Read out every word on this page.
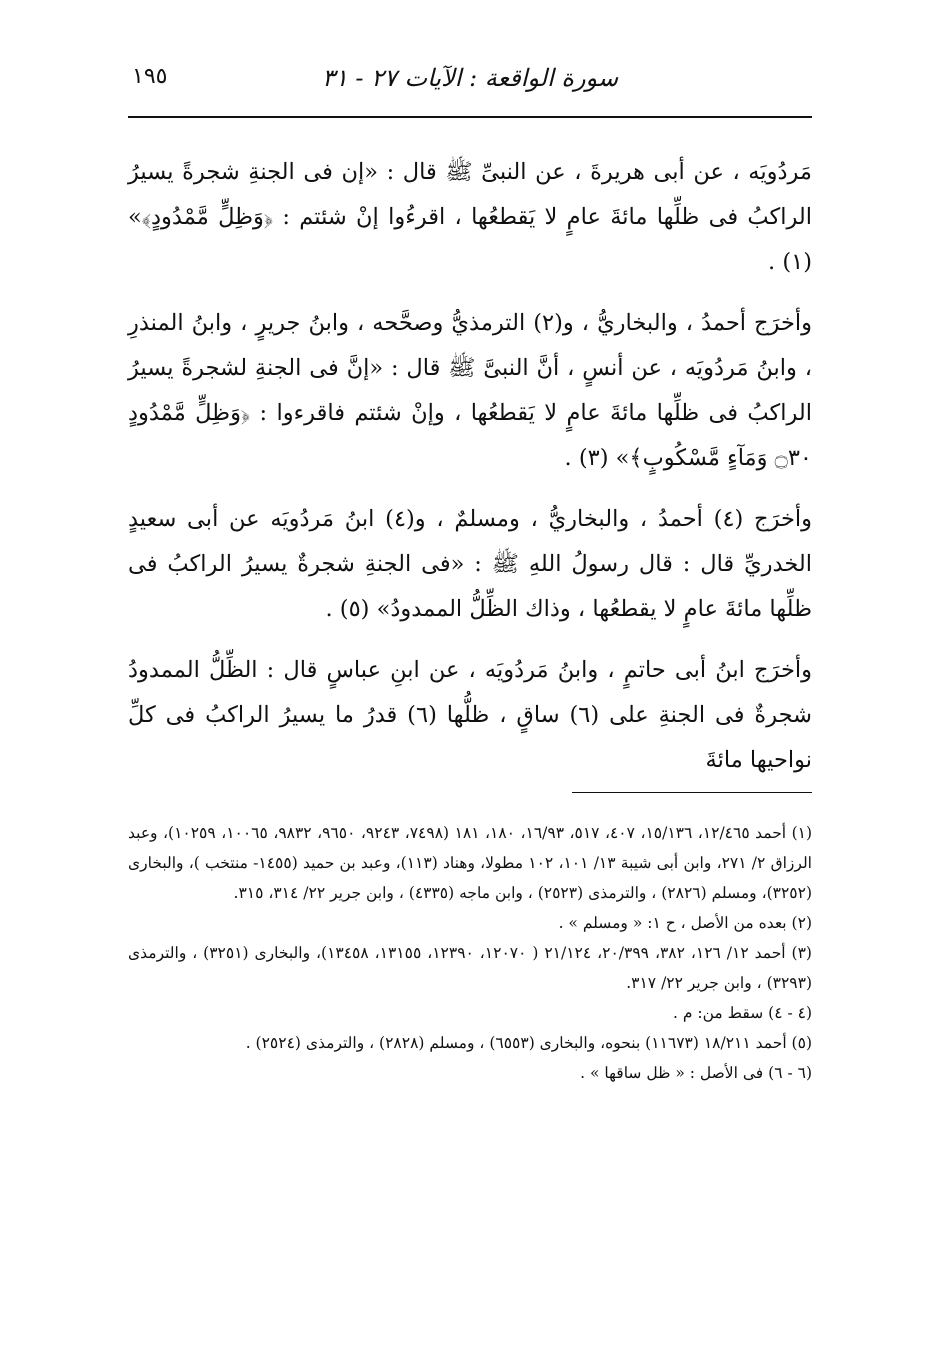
سورة الواقعة : الآيات ٢٧ - ٣١
١٩٥

مَردُويَه ، عن أبى هريرةَ ، عن النبىِّ ﷺ قال : «إن فى الجنةِ شجرةً يسيرُ الراكبُ فى ظلِّها مائةَ عامٍ لا يَقطعُها ، اقرءُوا إنْ شئتم : ﴿وَظِلٍّ مَّمْدُودٍ﴾» (١) .

وأخرَج أحمدُ ، والبخاريُّ ، و(٢) الترمذيُّ وصحَّحه ، وابنُ جريرٍ ، وابنُ المنذرِ ، وابنُ مَردُويَه ، عن أنسٍ ، أنَّ النبىَّ ﷺ قال : «إنَّ فى الجنةِ لشجرةً يسيرُ الراكبُ فى ظلِّها مائةَ عامٍ لا يَقطعُها ، وإنْ شئتم فاقرءوا : ﴿وَظِلٍّ مَّمْدُودٍ ۝٣٠ وَمَآءٍ مَّسْكُوبٍ﴾» (٣) .

وأخرَج (٤) أحمدُ ، والبخاريُّ ، ومسلمٌ ، و(٤) ابنُ مَردُويَه عن أبى سعيدٍ الخدريِّ قال : قال رسولُ اللهِ ﷺ : «فى الجنةِ شجرةٌ يسيرُ الراكبُ فى ظلِّها مائةَ عامٍ لا يقطعُها ، وذاك الظِّلُّ الممدودُ» (٥) .

وأخرَج ابنُ أبى حاتمٍ ، وابنُ مَردُويَه ، عن ابنِ عباسٍ قال : الظِّلُّ الممدودُ شجرةٌ فى الجنةِ على (٦) ساقٍ ، ظلُّها (٦) قدرُ ما يسيرُ الراكبُ فى كلِّ نواحيها مائةَ

(١) أحمد ١٢/٤٦٥، ١٥/١٣٦، ٤٠٧، ٥١٧، ١٦/٩٣، ١٨٠، ١٨١ (٧٤٩٨، ٩٢٤٣، ٩٦٥٠، ٩٨٣٢، ١٠٠٦٥، ١٠٢٥٩)، وعبد الرزاق ٢/ ٢٧١، وابن أبى شيبة ١٣/ ١٠١، ١٠٢ مطولا، وهناد (١١٣)، وعبد بن حميد (١٤٥٥- منتخب )، والبخارى (٣٢٥٢)، ومسلم (٢٨٢٦) ، والترمذى (٢٥٢٣) ، وابن ماجه (٤٣٣٥) ، وابن جرير ٢٢/ ٣١٤، ٣١٥.

(٢) بعده من الأصل ، ح ١: « ومسلم » .

(٣) أحمد ١٢/ ١٢٦، ٣٨٢، ٢٠/٣٩٩، ٢١/١٢٤ ( ١٢٠٧٠، ١٢٣٩٠، ١٣١٥٥، ١٣٤٥٨)، والبخارى (٣٢٥١) ، والترمذى (٣٢٩٣) ، وابن جرير ٢٢/ ٣١٧.

(٤ - ٤) سقط من: م .

(٥) أحمد ١٨/٢١١ (١١٦٧٣) بنحوه، والبخارى (٦٥٥٣) ، ومسلم (٢٨٢٨) ، والترمذى (٢٥٢٤) .

(٦ - ٦) فى الأصل : « ظل ساقها » .
